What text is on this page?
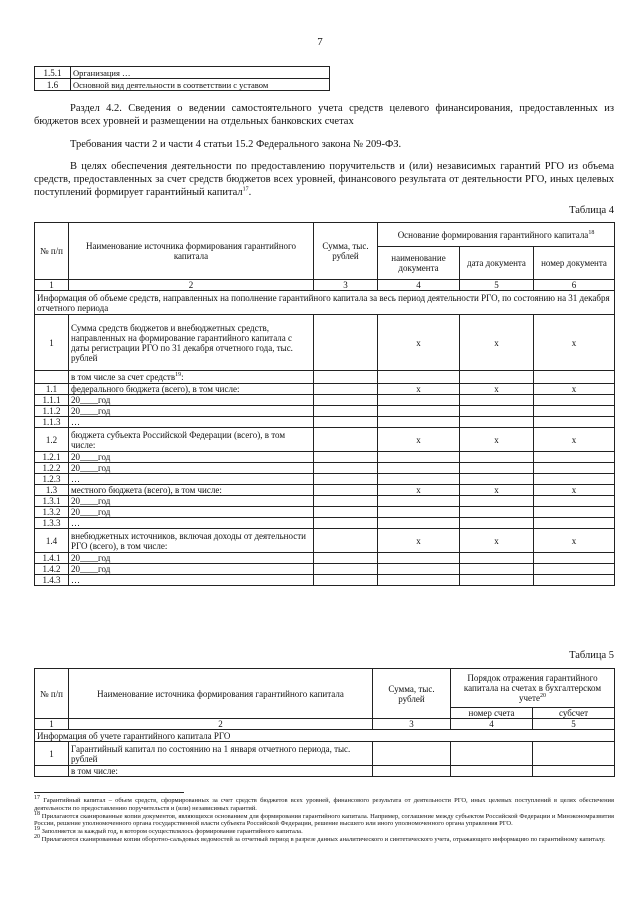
7
1.5.1	Организация …
1.6	Основной вид деятельности в соответствии с уставом
Раздел 4.2. Сведения о ведении самостоятельного учета средств целевого финансирования, предоставленных из бюджетов всех уровней и размещении на отдельных банковских счетах
Требования части 2 и части 4 статьи 15.2 Федерального закона № 209-ФЗ.
В целях обеспечения деятельности по предоставлению поручительств и (или) независимых гарантий РГО из объема средств, предоставленных за счет средств бюджетов всех уровней, финансового результата от деятельности РГО, иных целевых поступлений формирует гарантийный капитал$^{17}$.
Таблица 4
№ п/п	Наименование источника формирования гарантийного капитала	Сумма, тыс. рублей	Основание формирования гарантийного капитала$^{18}$
			наименование документа	дата документа	номер документа
1	2	3	4	5	6
Информация об объеме средств, направленных на пополнение гарантийного капитала за весь период деятельности РГО, по состоянию на 31 декабря отчетного периода					
1	Сумма средств бюджетов и внебюджетных средств, направленных на формирование гарантийного капитала с даты регистрации РГО по 31 декабря отчетного года, тыс. рублей		x	x	x
	в том числе за счет средств$^{19}$:				
1.1	федерального бюджета (всего), в том числе:		x	x	x
1.1.1	20____год				
1.1.2	20____год				
1.1.3	…				
1.2	бюджета субъекта Российской Федерации (всего), в том числе:		x	x	x
1.2.1	20____год				
1.2.2	20____год				
1.2.3	…				
1.3	местного бюджета (всего), в том числе:		x	x	x
1.3.1	20____год				
1.3.2	20____год				
1.3.3	…				
1.4	внебюджетных источников, включая доходы от деятельности РГО (всего), в том числе:		x	x	x
1.4.1	20____год				
1.4.2	20____год				
1.4.3	…				
Таблица 5
№ п/п	Наименование источника формирования гарантийного капитала	Сумма, тыс. рублей	Порядок отражения гарантийного капитала на счетах в бухгалтерском учете$^{20}$
			номер счета	субсчет
1	2	3	4	5
Информация об учете гарантийного капитала РГО				
1	Гарантийный капитал по состоянию на 1 января отчетного периода, тыс. рублей			
	в том числе:			

$^{17}$ Гарантийный капитал – объем средств, сформированных за счет средств бюджетов всех уровней, финансового результата от деятельности РГО, иных целевых поступлений в целях обеспечения деятельности по предоставлению поручительств и (или) независимых гарантий.

$^{18}$ Прилагаются сканированные копии документов, являющихся основанием для формирования гарантийного капитала. Например, соглашение между субъектом Российской Федерации и Минэкономразвития России, решение уполномоченного органа государственной власти субъекта Российской Федерации, решение высшего или иного уполномоченного органа управления РГО.

$^{19}$ Заполняется за каждый год, в котором осуществлялось формирование гарантийного капитала.

$^{20}$ Прилагаются сканированные копии оборотно-сальдовых ведомостей за отчетный период в разрезе данных аналитического и синтетического учета, отражающего информацию по гарантийному капиталу.
